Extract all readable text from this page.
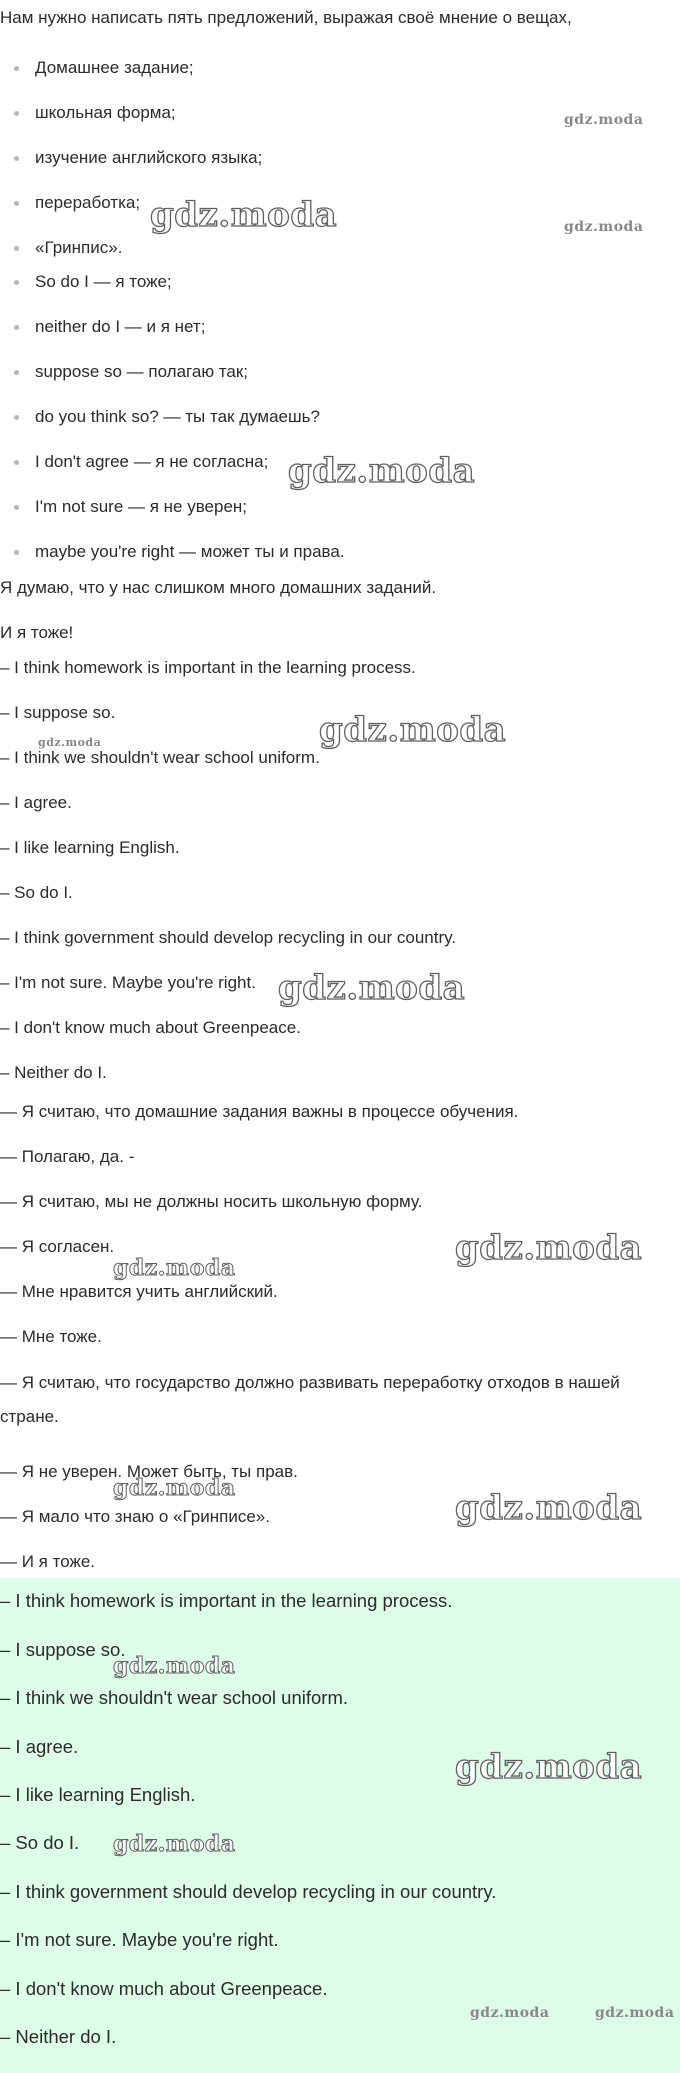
Нам нужно написать пять предложений, выражая своё мнение о вещах,
Домашнее задание;
школьная форма;
изучение английского языка;
переработка;
«Гринпис».
So do I — я тоже;
neither do I — и я нет;
suppose so — полагаю так;
do you think so? — ты так думаешь?
I don't agree — я не согласна;
I'm not sure — я не уверен;
maybe you're right — может ты и права.
Я думаю, что у нас слишком много домашних заданий.
И я тоже!
– I think homework is important in the learning process.
– I suppose so.
– I think we shouldn't wear school uniform.
– I agree.
– I like learning English.
– So do I.
– I think government should develop recycling in our country.
– I'm not sure. Maybe you're right.
– I don't know much about Greenpeace.
– Neither do I.
— Я считаю, что домашние задания важны в процессе обучения.
— Полагаю, да. -
— Я считаю, мы не должны носить школьную форму.
— Я согласен.
— Мне нравится учить английский.
— Мне тоже.
— Я считаю, что государство должно развивать переработку отходов в нашей стране.
— Я не уверен. Может быть, ты прав.
— Я мало что знаю о «Гринписе».
— И я тоже.
– I think homework is important in the learning process.
– I suppose so.
– I think we shouldn't wear school uniform.
– I agree.
– I like learning English.
– So do I.
– I think government should develop recycling in our country.
– I'm not sure. Maybe you're right.
– I don't know much about Greenpeace.
– Neither do I.
gdz.moda
gdz.moda	gdz.moda
gdz.moda
gdz.moda
gdz.moda
gdz.moda
gdz.moda
gdz.moda
gdz.moda	gdz.moda
gdz.moda
gdz.moda
gdz.moda
gdz.moda	gdz.moda
